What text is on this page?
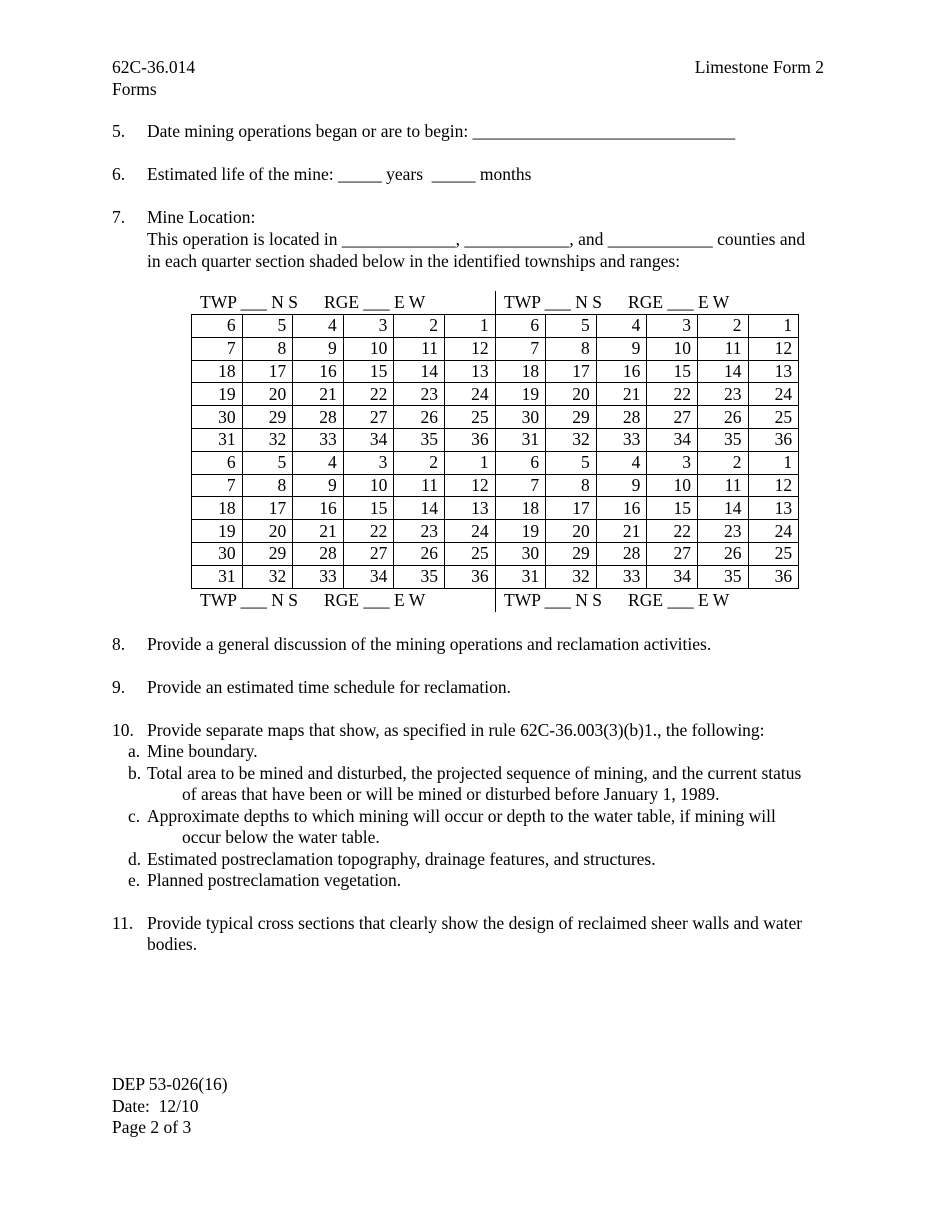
62C-36.014
Forms
Limestone Form 2
5. Date mining operations began or are to begin: ______________________________
6. Estimated life of the mine: _____ years  _____ months
7. Mine Location:
This operation is located in _____________, ____________, and ____________ counties and
in each quarter section shaded below in the identified townships and ranges:
TWP ___ N S RGE ___ E W	TWP ___ N S RGE ___ E W
6	5	4	3	2	1	6	5	4	3	2	1
7	8	9	10	11	12	7	8	9	10	11	12
18	17	16	15	14	13	18	17	16	15	14	13
19	20	21	22	23	24	19	20	21	22	23	24
30	29	28	27	26	25	30	29	28	27	26	25
31	32	33	34	35	36	31	32	33	34	35	36
6	5	4	3	2	1	6	5	4	3	2	1
7	8	9	10	11	12	7	8	9	10	11	12
18	17	16	15	14	13	18	17	16	15	14	13
19	20	21	22	23	24	19	20	21	22	23	24
30	29	28	27	26	25	30	29	28	27	26	25
31	32	33	34	35	36	31	32	33	34	35	36
TWP ___ N S RGE ___ E W	TWP ___ N S RGE ___ E W
8. Provide a general discussion of the mining operations and reclamation activities.
9. Provide an estimated time schedule for reclamation.
10. Provide separate maps that show, as specified in rule 62C-36.003(3)(b)1., the following:
a. Mine boundary.
b. Total area to be mined and disturbed, the projected sequence of mining, and the current status
of areas that have been or will be mined or disturbed before January 1, 1989.
c. Approximate depths to which mining will occur or depth to the water table, if mining will
occur below the water table.
d. Estimated postreclamation topography, drainage features, and structures.
e. Planned postreclamation vegetation.
11. Provide typical cross sections that clearly show the design of reclaimed sheer walls and water
bodies.
DEP 53-026(16)
Date:  12/10
Page 2 of 3
